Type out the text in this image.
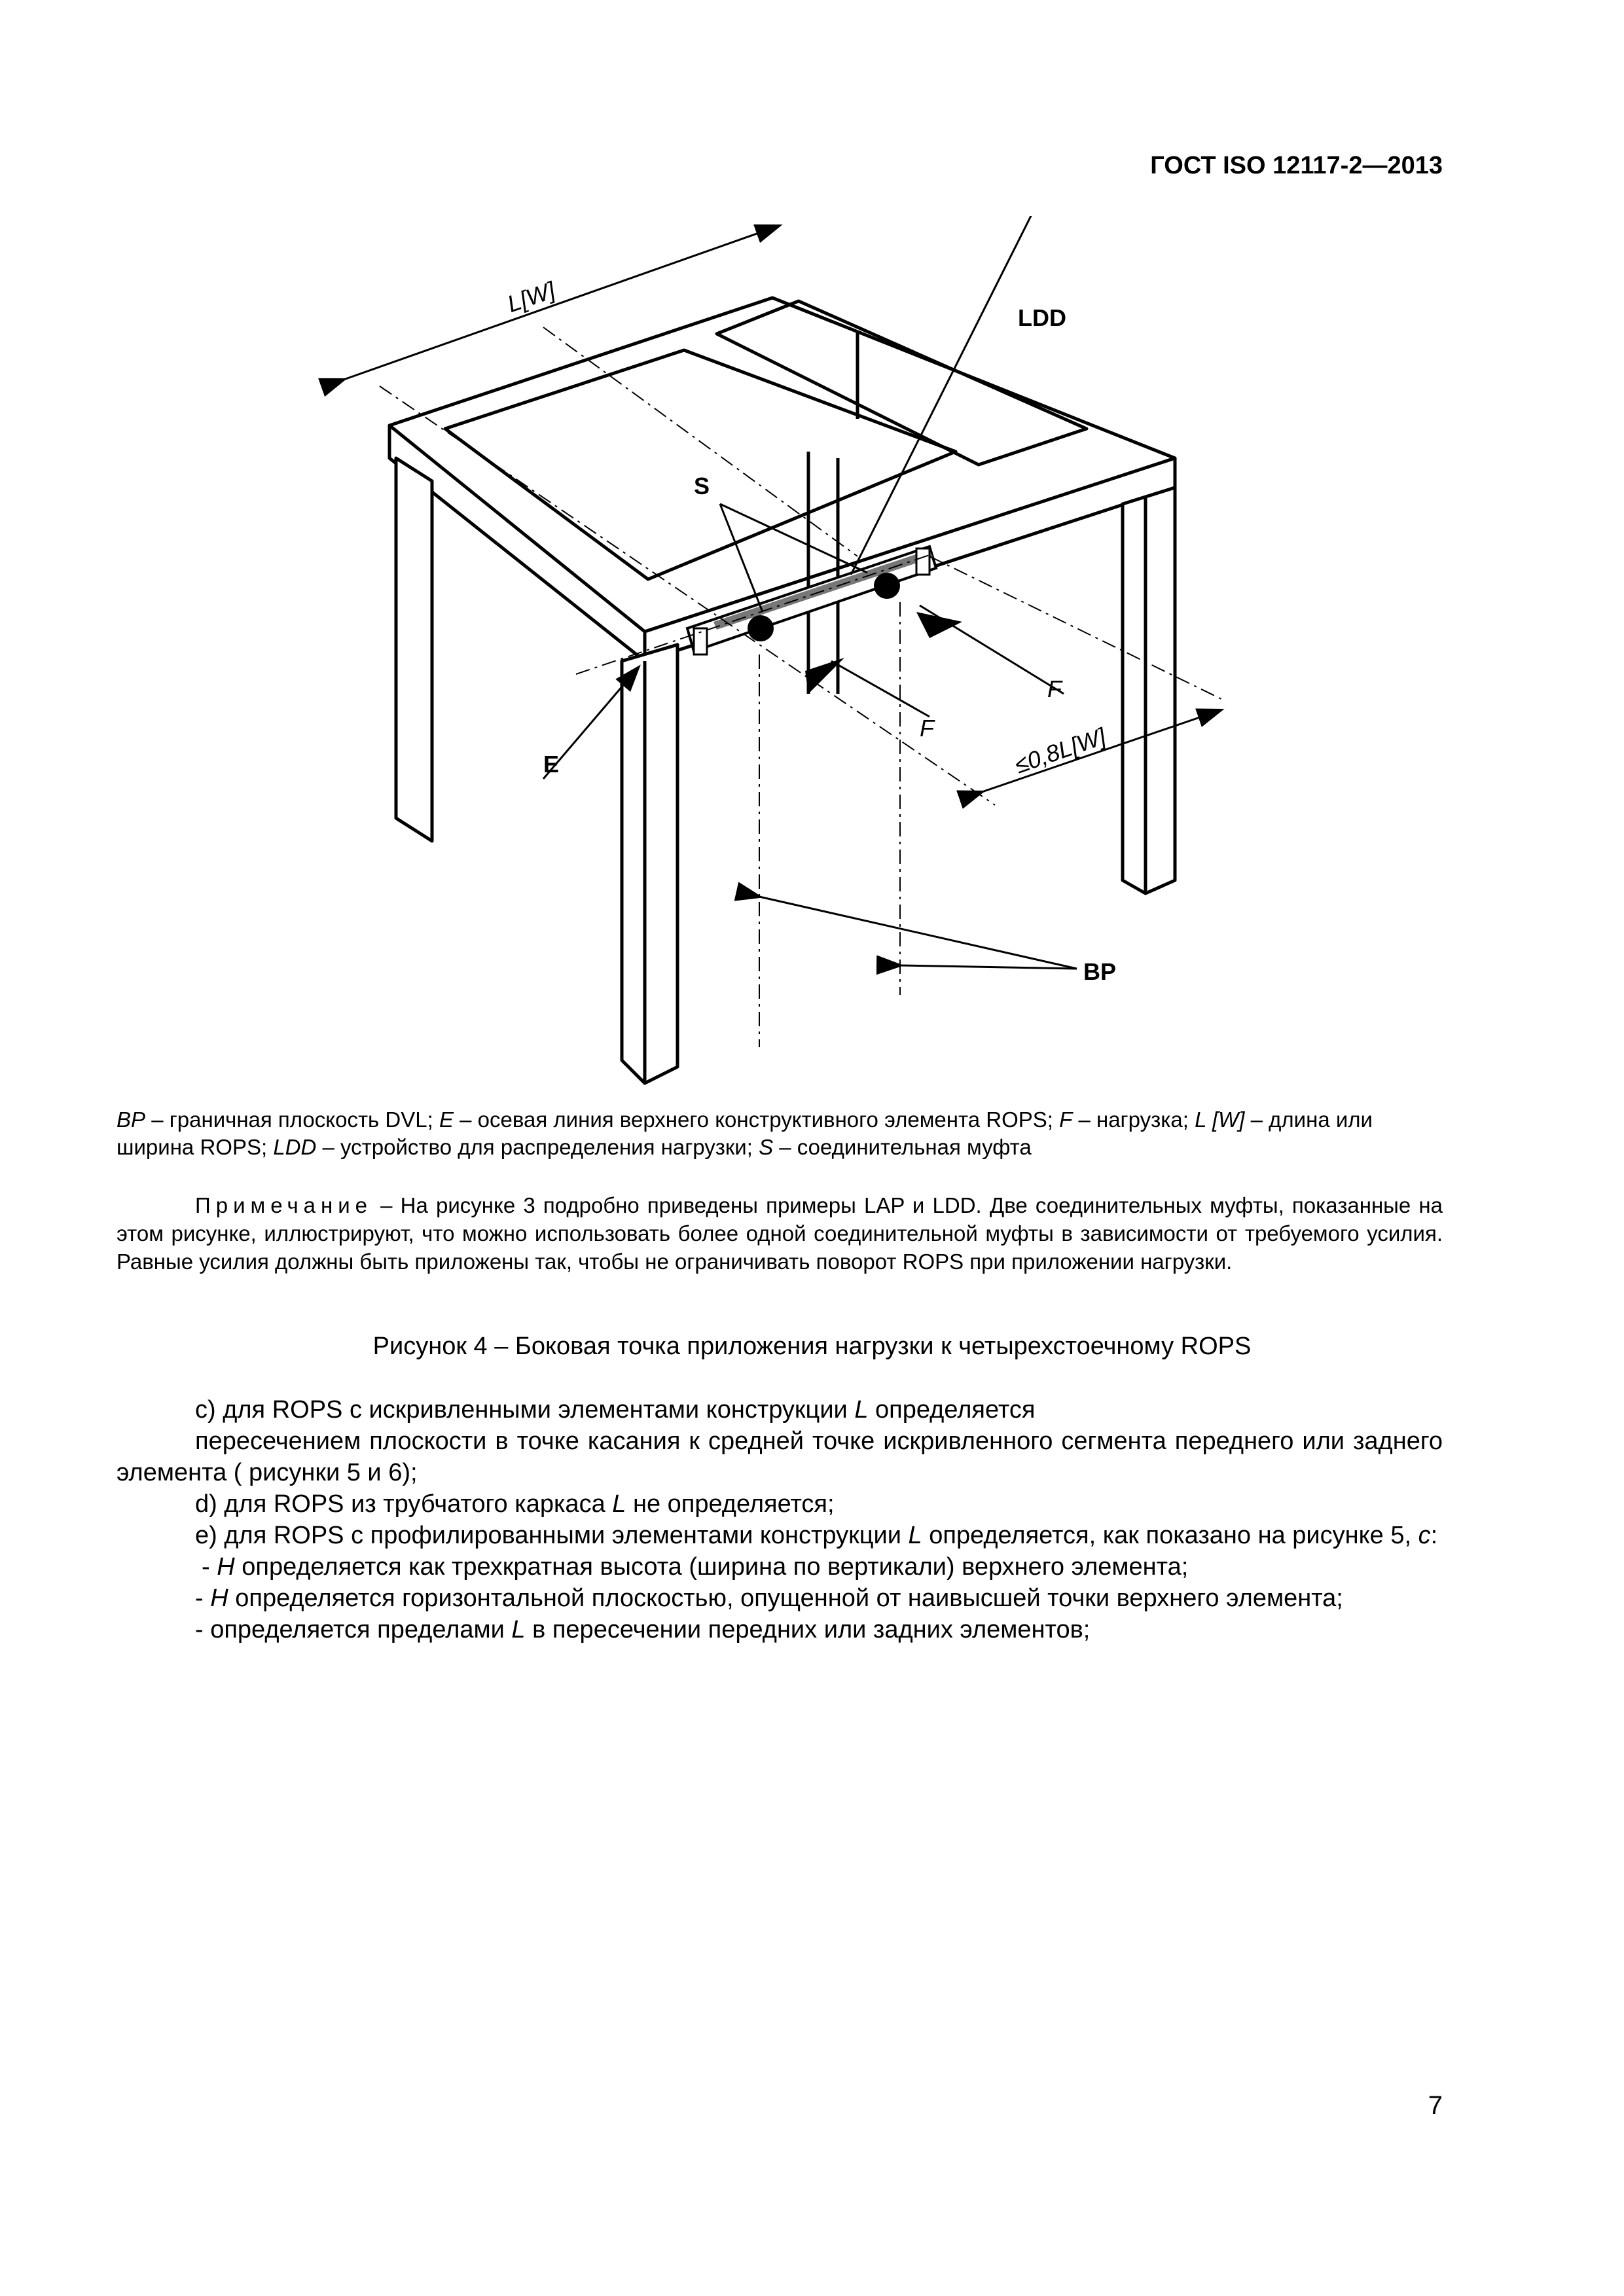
ГОСТ ISO 12117-2—2013
L[W]
LDD
S
F
F	≤0,8L[W]
E
BP
BP – граничная плоскость DVL; E – осевая линия верхнего конструктивного элемента ROPS; F – нагрузка; L [W] – длина или ширина ROPS; LDD – устройство для распределения нагрузки; S – соединительная муфта
Примечание – На рисунке 3 подробно приведены примеры LAP и LDD. Две соединительных муфты, показанные на этом рисунке, иллюстрируют, что можно использовать более одной соединительной муфты в зависимости от требуемого усилия. Равные усилия должны быть приложены так, чтобы не ограничивать поворот ROPS при приложении нагрузки.
Рисунок 4 – Боковая точка приложения нагрузки к четырехстоечному ROPS

c) для ROPS с искривленными элементами конструкции L определяется

пересечением плоскости в точке касания к средней точке искривленного сегмента переднего или заднего элемента ( рисунки 5 и 6);

d) для ROPS из трубчатого каркаса L не определяется;

e) для ROPS с профилированными элементами конструкции L определяется, как показано на рисунке 5, c:

- H определяется как трехкратная высота (ширина по вертикали) верхнего элемента;

- H определяется горизонтальной плоскостью, опущенной от наивысшей точки верхнего элемента;

- определяется пределами L в пересечении передних или задних элементов;

7
